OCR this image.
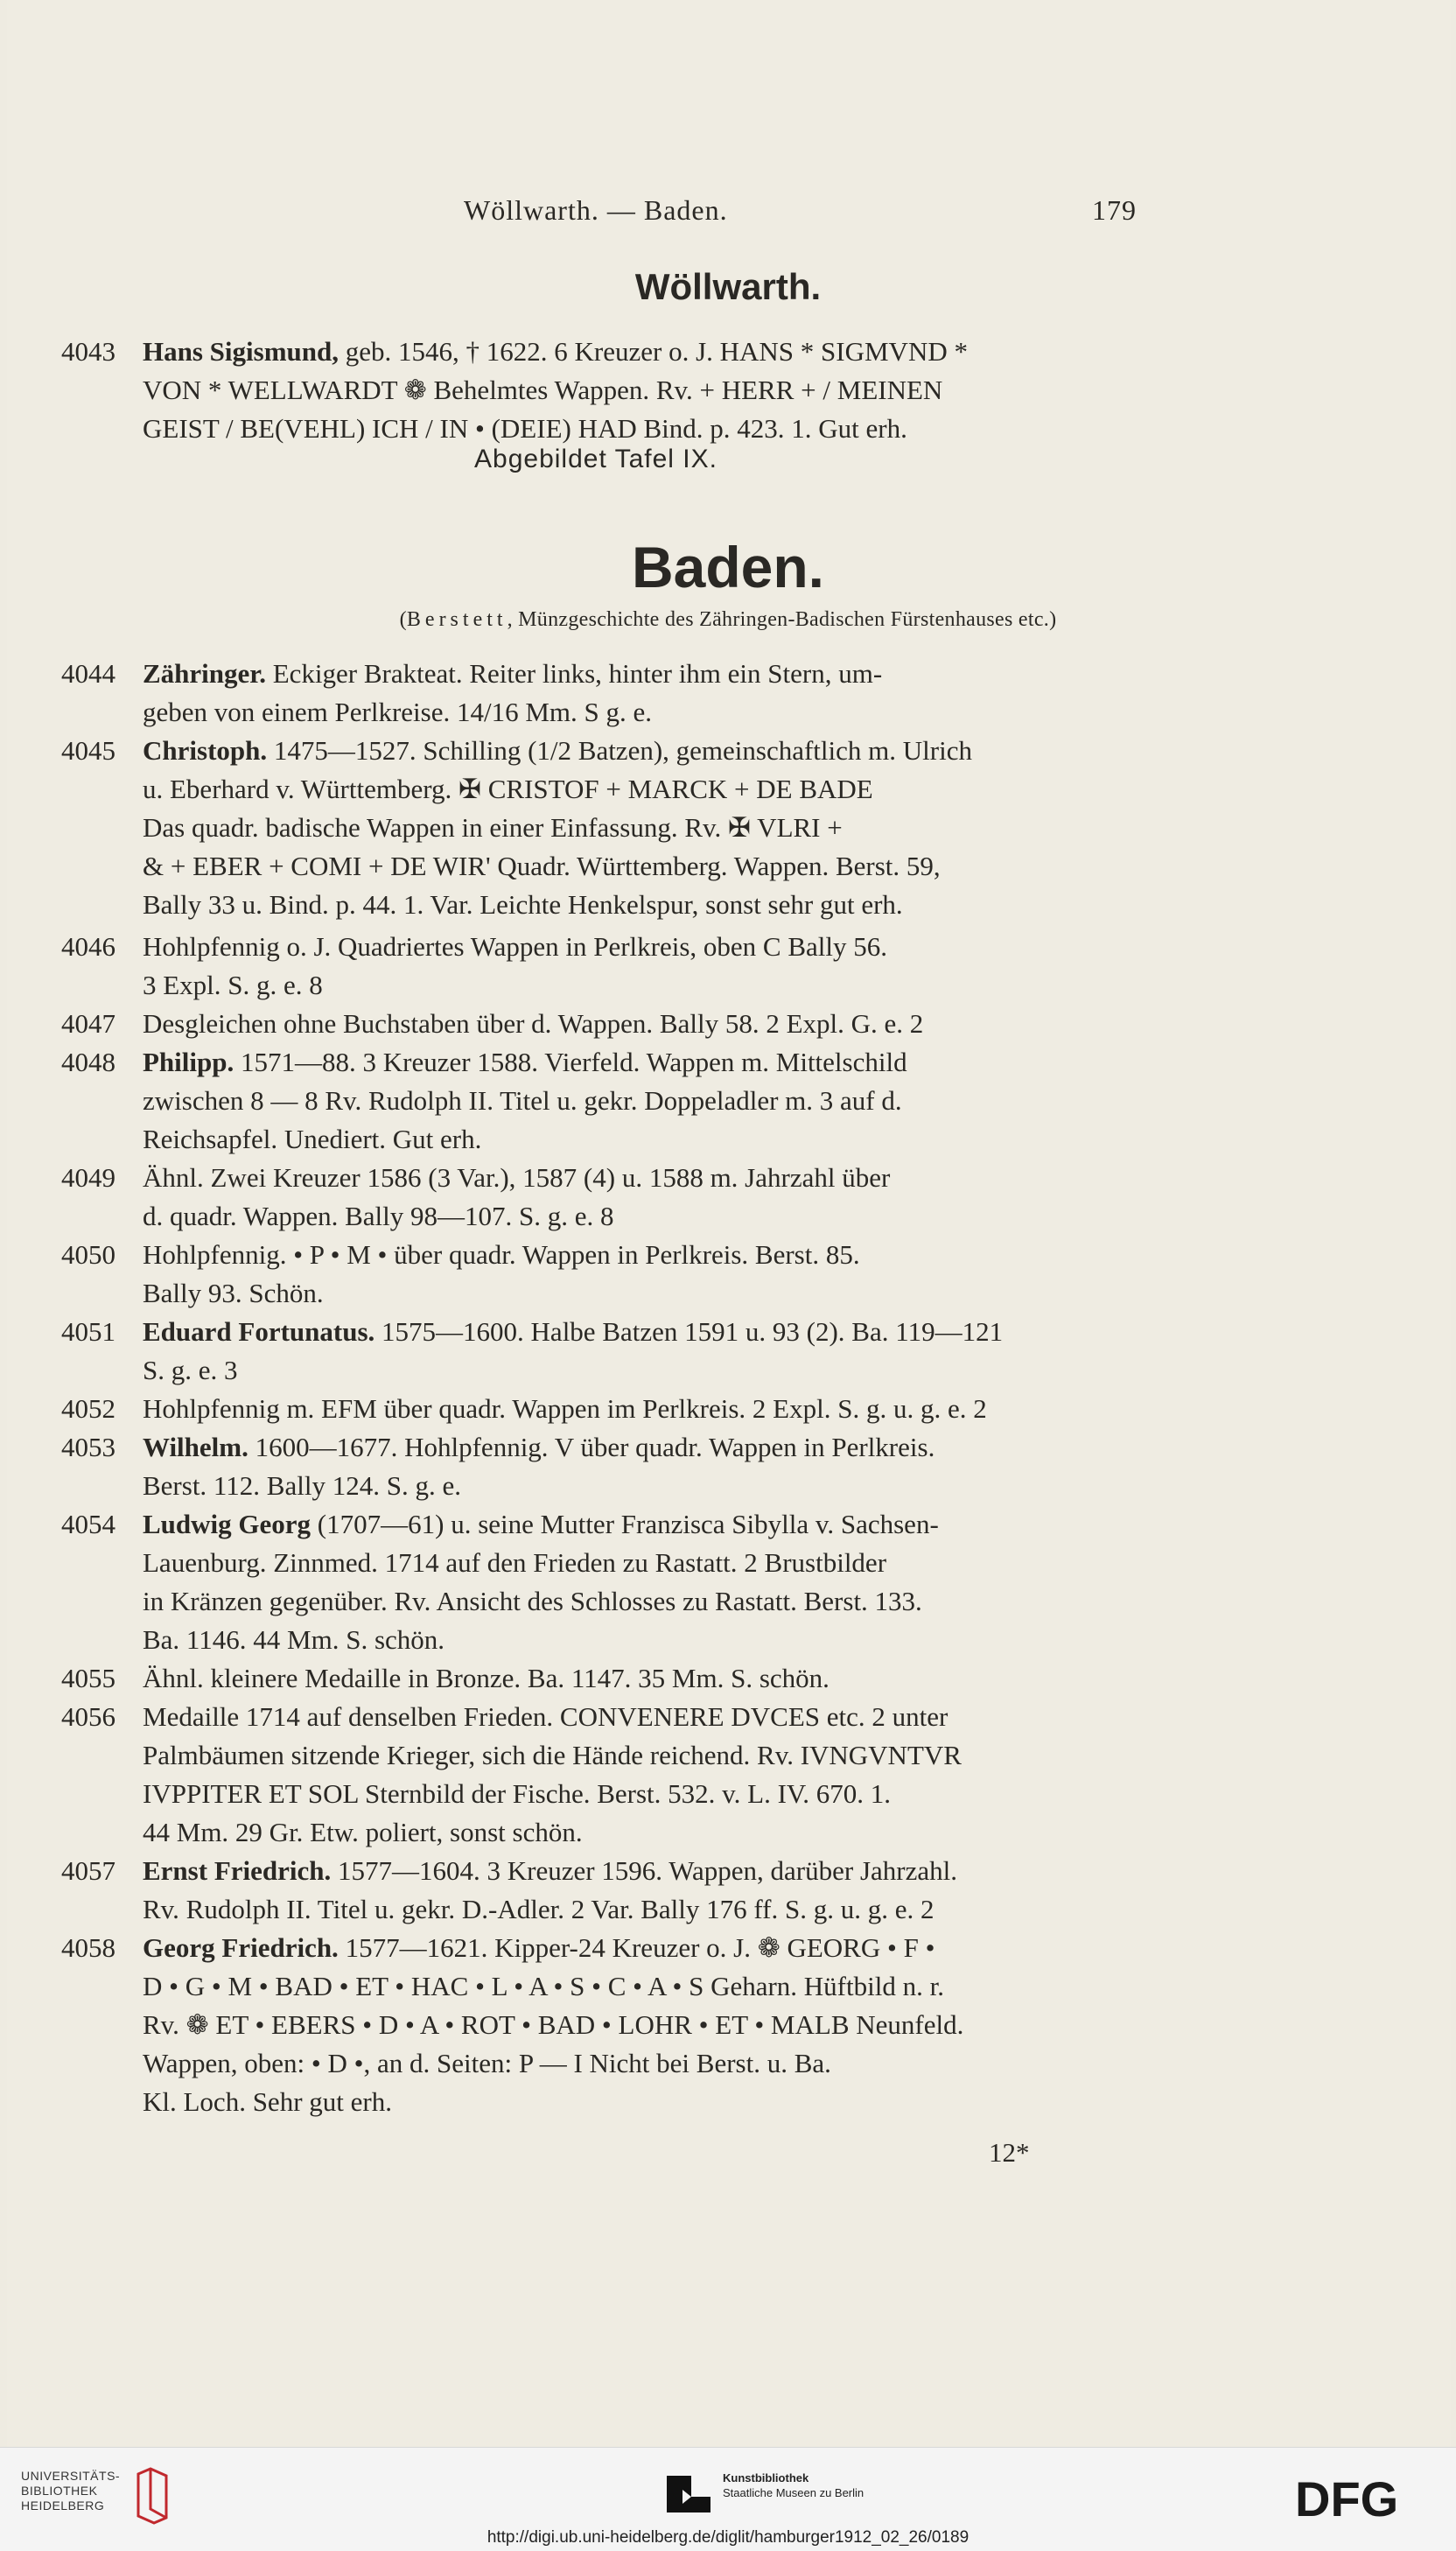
Wöllwarth. — Baden.	179
Wöllwarth.
Baden.
(Berstett, Münzgeschichte des Zähringen-Badischen Fürstenhauses etc.)
Abgebildet Tafel IX.
4043	Hans Sigismund, geb. 1546, † 1622. 6 Kreuzer o. J. HANS * SIGMVND *
VON * WELLWARDT ❁ Behelmtes Wappen. Rv. + HERR + / MEINEN
GEIST / BE(VEHL) ICH / IN • (DEIE) HAD Bind. p. 423. 1. Gut erh.
4044	Zähringer. Eckiger Brakteat. Reiter links, hinter ihm ein Stern, um-
geben von einem Perlkreise. 14/16 Mm. S g. e.
4045	Christoph. 1475—1527. Schilling (1/2 Batzen), gemeinschaftlich m. Ulrich
u. Eberhard v. Württemberg. ✠ CRISTOF + MARCK + DE BADE
Das quadr. badische Wappen in einer Einfassung. Rv. ✠ VLRI +
& + EBER + COMI + DE WIR' Quadr. Württemberg. Wappen. Berst. 59,
Bally 33 u. Bind. p. 44. 1. Var. Leichte Henkelspur, sonst sehr gut erh.
4046	Hohlpfennig o. J. Quadriertes Wappen in Perlkreis, oben C Bally 56.
3 Expl. S. g. e. 8
4047	Desgleichen ohne Buchstaben über d. Wappen. Bally 58. 2 Expl. G. e. 2
4048	Philipp. 1571—88. 3 Kreuzer 1588. Vierfeld. Wappen m. Mittelschild
zwischen 8 — 8 Rv. Rudolph II. Titel u. gekr. Doppeladler m. 3 auf d.
Reichsapfel. Unediert. Gut erh.
4049	Ähnl. Zwei Kreuzer 1586 (3 Var.), 1587 (4) u. 1588 m. Jahrzahl über
d. quadr. Wappen. Bally 98—107. S. g. e. 8
4050	Hohlpfennig. • P • M • über quadr. Wappen in Perlkreis. Berst. 85.
Bally 93. Schön.
4051	Eduard Fortunatus. 1575—1600. Halbe Batzen 1591 u. 93 (2). Ba. 119—121
S. g. e. 3
4052	Hohlpfennig m. EFM über quadr. Wappen im Perlkreis. 2 Expl. S. g. u. g. e. 2
4053	Wilhelm. 1600—1677. Hohlpfennig. V über quadr. Wappen in Perlkreis.
Berst. 112. Bally 124. S. g. e.
4054	Ludwig Georg (1707—61) u. seine Mutter Franzisca Sibylla v. Sachsen-
Lauenburg. Zinnmed. 1714 auf den Frieden zu Rastatt. 2 Brustbilder
in Kränzen gegenüber. Rv. Ansicht des Schlosses zu Rastatt. Berst. 133.
Ba. 1146. 44 Mm. S. schön.
4055	Ähnl. kleinere Medaille in Bronze. Ba. 1147. 35 Mm. S. schön.
4056	Medaille 1714 auf denselben Frieden. CONVENERE DVCES etc. 2 unter
Palmbäumen sitzende Krieger, sich die Hände reichend. Rv. IVNGVNTVR
IVPPITER ET SOL Sternbild der Fische. Berst. 532. v. L. IV. 670. 1.
44 Mm. 29 Gr. Etw. poliert, sonst schön.
4057	Ernst Friedrich. 1577—1604. 3 Kreuzer 1596. Wappen, darüber Jahrzahl.
Rv. Rudolph II. Titel u. gekr. D.-Adler. 2 Var. Bally 176 ff. S. g. u. g. e. 2
4058	Georg Friedrich. 1577—1621. Kipper-24 Kreuzer o. J. ❁ GEORG • F •
D • G • M • BAD • ET • HAC • L • A • S • C • A • S Geharn. Hüftbild n. r.
Rv. ❁ ET • EBERS • D • A • ROT • BAD • LOHR • ET • MALB Neunfeld.
Wappen, oben: • D •, an d. Seiten: P — I Nicht bei Berst. u. Ba.
Kl. Loch. Sehr gut erh.
12*
UNIVERSITÄTS-
BIBLIOTHEK
HEIDELBERG
Kunstbibliothek
Staatliche Museen zu Berlin	DFG
http://digi.ub.uni-heidelberg.de/diglit/hamburger1912_02_26/0189
